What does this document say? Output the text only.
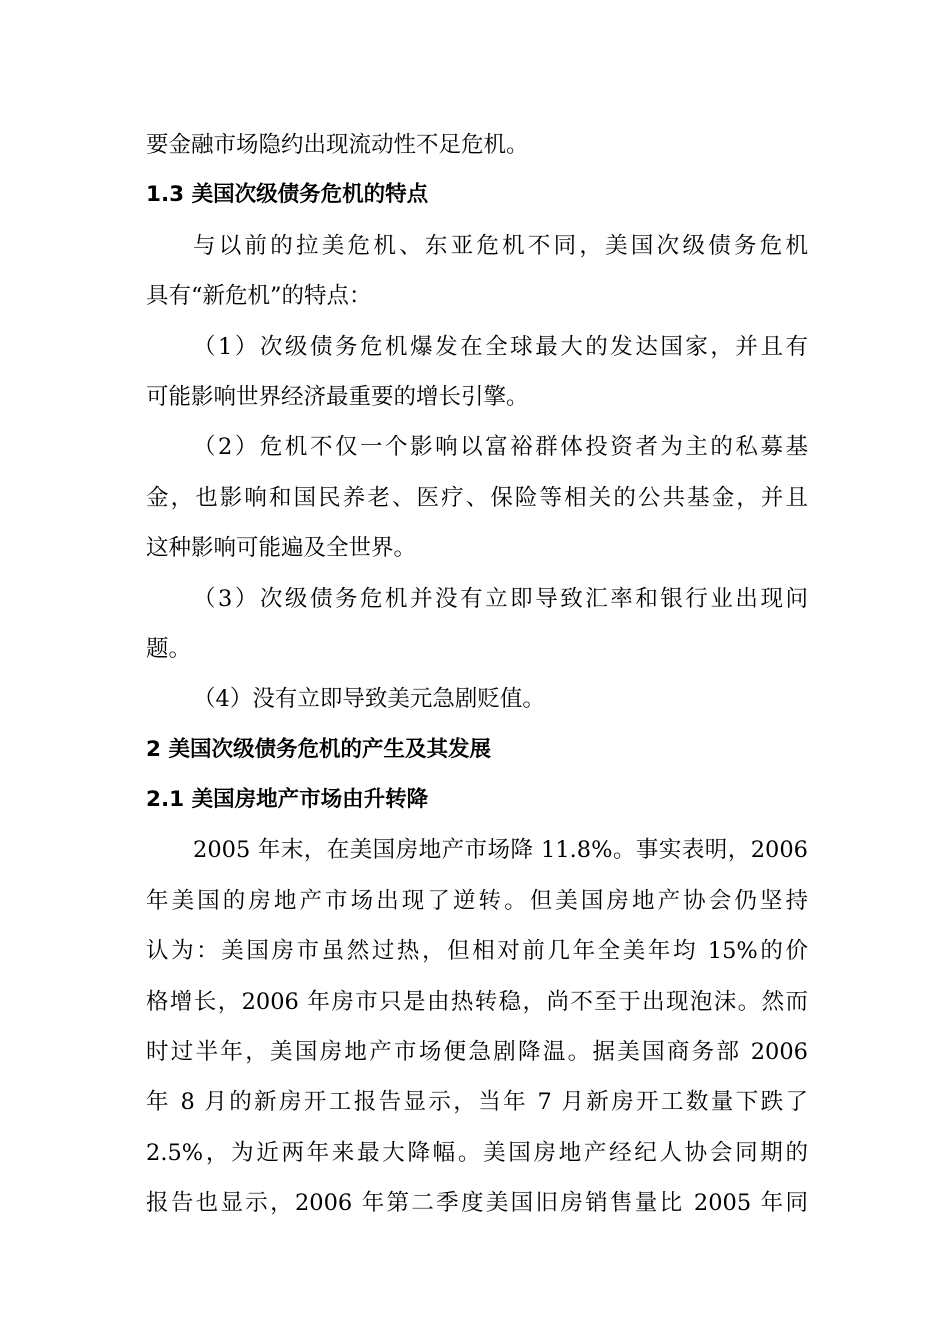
要金融市场隐约出现流动性不足危机。
1.3 美国次级债务危机的特点
与以前的拉美危机、东亚危机不同，美国次级债务危机
具有“新危机”的特点：
（1）次级债务危机爆发在全球最大的发达国家，并且有
可能影响世界经济最重要的增长引擎。
（2）危机不仅一个影响以富裕群体投资者为主的私募基
金，也影响和国民养老、医疗、保险等相关的公共基金，并且
这种影响可能遍及全世界。
（3）次级债务危机并没有立即导致汇率和银行业出现问
题。
（4）没有立即导致美元急剧贬值。
2 美国次级债务危机的产生及其发展
2.1 美国房地产市场由升转降
2005 年末，在美国房地产市场降 11.8%。事实表明，2006
年美国的房地产市场出现了逆转。但美国房地产协会仍坚持
认为：美国房市虽然过热，但相对前几年全美年均 15%的价
格增长，2006 年房市只是由热转稳，尚不至于出现泡沫。然而
时过半年，美国房地产市场便急剧降温。据美国商务部 2006
年 8 月的新房开工报告显示，当年 7 月新房开工数量下跌了
2.5%，为近两年来最大降幅。美国房地产经纪人协会同期的
报告也显示，2006 年第二季度美国旧房销售量比 2005 年同
